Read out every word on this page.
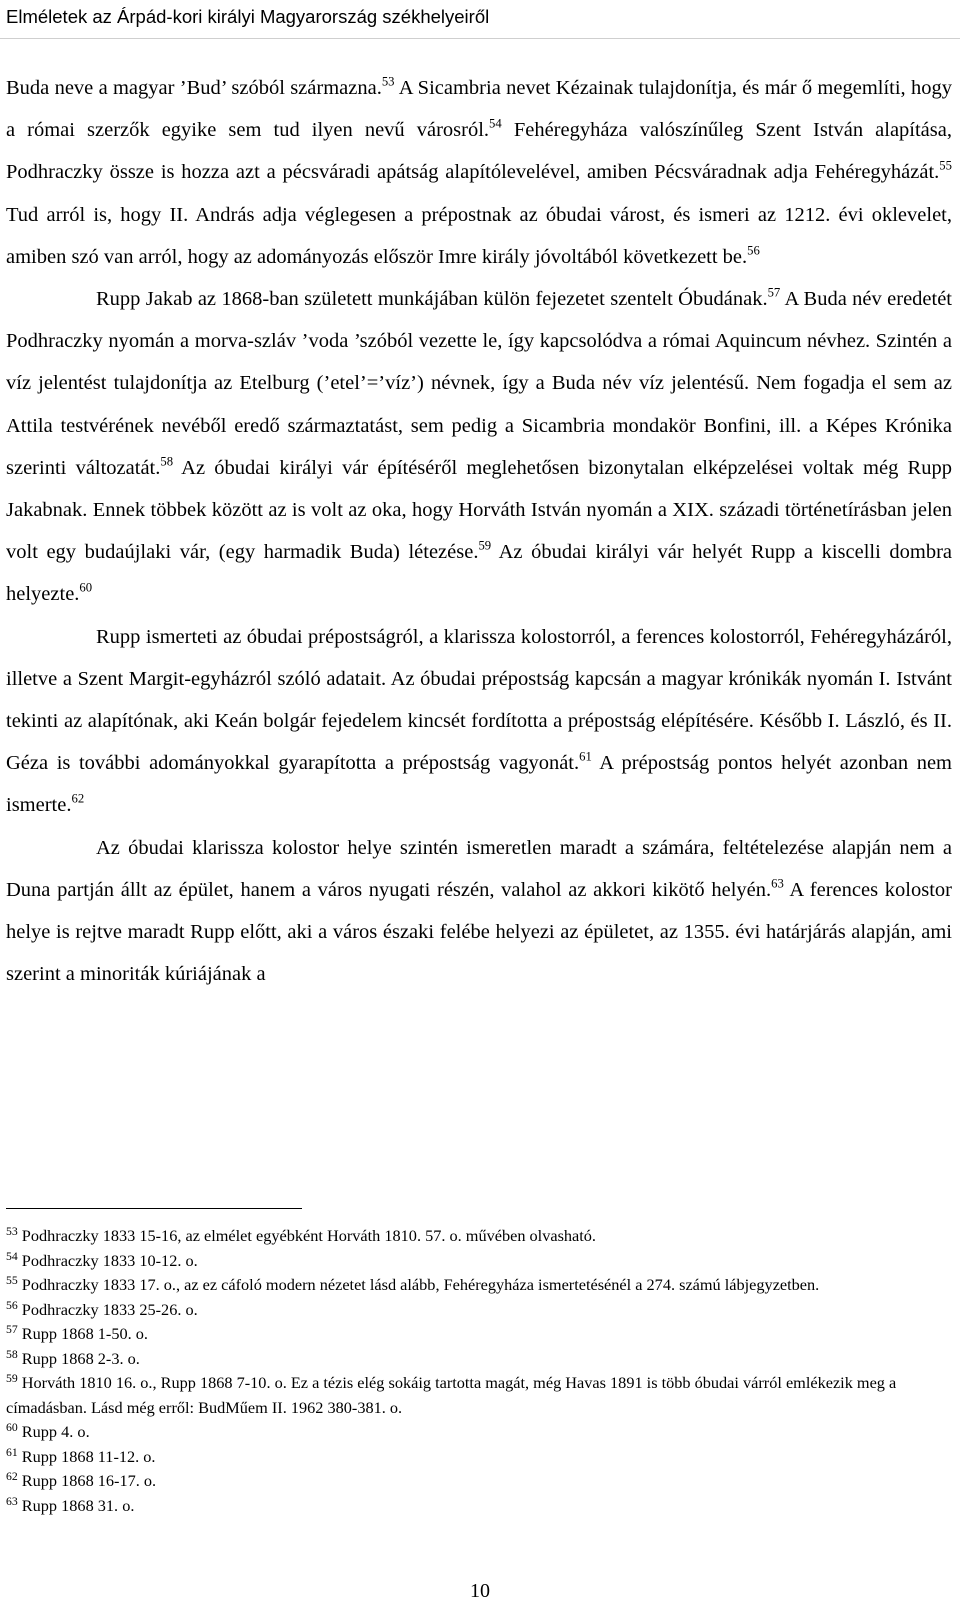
Elméletek az Árpád-kori királyi Magyarország székhelyeiről

Buda neve a magyar ’Bud’ szóból származna.$^{53}$ A Sicambria nevet Kézainak tulajdonítja, és már ő megemlíti, hogy a római szerzők egyike sem tud ilyen nevű városról.$^{54}$ Fehéregyháza valószínűleg Szent István alapítása, Podhraczky össze is hozza azt a pécsváradi apátság alapítólevelével, amiben Pécsváradnak adja Fehéregyházát.$^{55}$ Tud arról is, hogy II. András adja véglegesen a prépostnak az óbudai várost, és ismeri az 1212. évi oklevelet, amiben szó van arról, hogy az adományozás először Imre király jóvoltából következett be.$^{56}$

Rupp Jakab az 1868-ban született munkájában külön fejezetet szentelt Óbudának.$^{57}$ A Buda név eredetét Podhraczky nyomán a morva-szláv ’voda ’szóból vezette le, így kapcsolódva a római Aquincum névhez. Szintén a víz jelentést tulajdonítja az Etelburg (’etel’=’víz’) névnek, így a Buda név víz jelentésű. Nem fogadja el sem az Attila testvérének nevéből eredő származtatást, sem pedig a Sicambria mondakör Bonfini, ill. a Képes Krónika szerinti változatát.$^{58}$ Az óbudai királyi vár építéséről meglehetősen bizonytalan elképzelései voltak még Rupp Jakabnak. Ennek többek között az is volt az oka, hogy Horváth István nyomán a XIX. századi történetírásban jelen volt egy budaújlaki vár, (egy harmadik Buda) létezése.$^{59}$ Az óbudai királyi vár helyét Rupp a kiscelli dombra helyezte.$^{60}$

Rupp ismerteti az óbudai prépostságról, a klarissza kolostorról, a ferences kolostorról, Fehéregyházáról, illetve a Szent Margit-egyházról szóló adatait. Az óbudai prépostság kapcsán a magyar krónikák nyomán I. Istvánt tekinti az alapítónak, aki Keán bolgár fejedelem kincsét fordította a prépostság elépítésére. Később I. László, és II. Géza is további adományokkal gyarapította a prépostság vagyonát.$^{61}$ A prépostság pontos helyét azonban nem ismerte.$^{62}$

Az óbudai klarissza kolostor helye szintén ismeretlen maradt a számára, feltételezése alapján nem a Duna partján állt az épület, hanem a város nyugati részén, valahol az akkori kikötő helyén.$^{63}$ A ferences kolostor helye is rejtve maradt Rupp előtt, aki a város északi felébe helyezi az épületet, az 1355. évi határjárás alapján, ami szerint a minoriták kúriájának a

$^{53}$ Podhraczky 1833 15-16, az elmélet egyébként Horváth 1810. 57. o. művében olvasható.
$^{54}$ Podhraczky 1833 10-12. o.
$^{55}$ Podhraczky 1833 17. o., az ez cáfoló modern nézetet lásd alább, Fehéregyháza ismertetésénél a 274. számú lábjegyzetben.
$^{56}$ Podhraczky 1833 25-26. o.
$^{57}$ Rupp 1868 1-50. o.
$^{58}$ Rupp 1868 2-3. o.
$^{59}$ Horváth 1810 16. o., Rupp 1868 7-10. o. Ez a tézis elég sokáig tartotta magát, még Havas 1891 is több óbudai várról emlékezik meg a címadásban. Lásd még erről: BudMűem II. 1962 380-381. o.
$^{60}$ Rupp 4. o.
$^{61}$ Rupp 1868 11-12. o.
$^{62}$ Rupp 1868 16-17. o.
$^{63}$ Rupp 1868 31. o.
10
